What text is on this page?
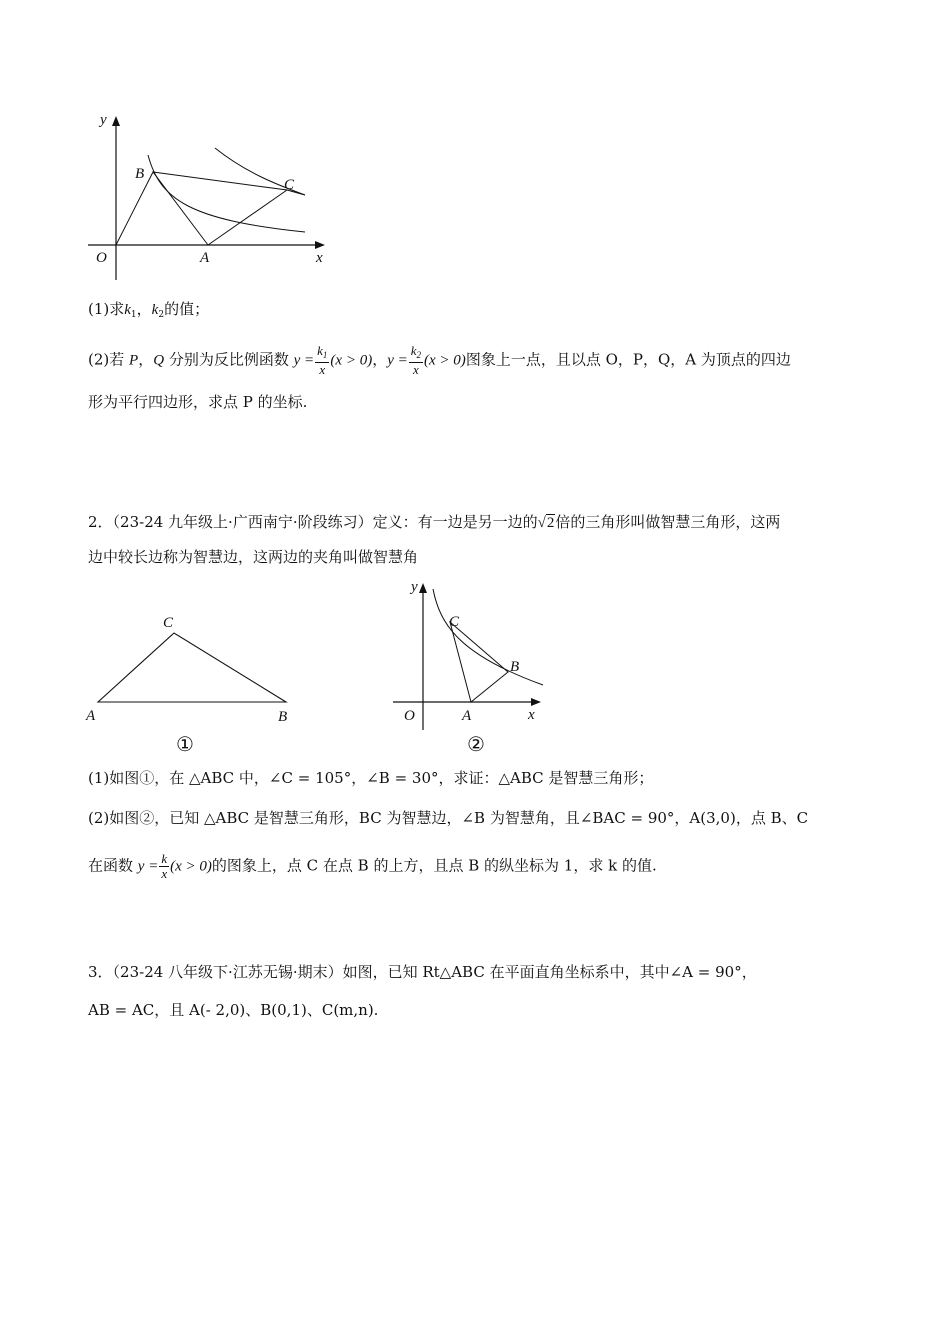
y
x
O	A
B
C
(1)求$k_1$，$k_2$的值；
(2)若 P，Q 分别为反比例函数 $y = \frac{k_1}{x} (x > 0)$，$y = \frac{k_2}{x} (x > 0)$图象上一点，且以点 O，P，Q，A 为顶点的四边
形为平行四边形，求点 P 的坐标.
2．（23-24 九年级上·广西南宁·阶段练习）定义：有一边是另一边的√2倍的三角形叫做智慧三角形，这两
边中较长边称为智慧边，这两边的夹角叫做智慧角
A	B
C
①
y
x
O	A
B
C
②
(1)如图①，在 △ABC 中，∠C = 105°，∠B = 30°，求证：△ABC 是智慧三角形；
(2)如图②，已知 △ABC 是智慧三角形，BC 为智慧边，∠B 为智慧角，且∠BAC = 90°，A(3,0)，点 B、C
在函数 $y = \frac{k}{x} (x > 0)$的图象上，点 C 在点 B 的上方，且点 B 的纵坐标为 1，求 k 的值.
3．（23-24 八年级下·江苏无锡·期末）如图，已知 Rt△ABC 在平面直角坐标系中，其中∠A = 90°，
AB = AC，且 A(- 2,0)、B(0,1)、C(m,n).
